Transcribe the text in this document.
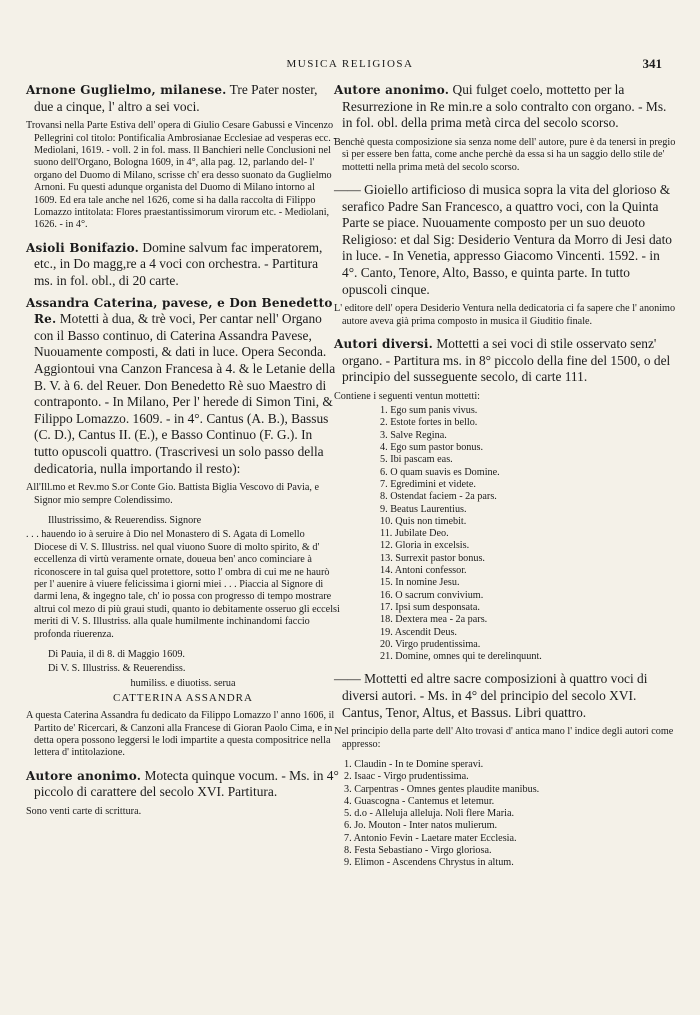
MUSICA RELIGIOSA	341

Arnone Guglielmo, milanese. Tre Pater noster, due a cinque, l' altro a sei voci.

Trovansi nella Parte Estiva dell' opera di Giulio Cesare Gabussi e Vincenzo Pellegrini col titolo: Pontificalia Ambrosianae Ecclesiae ad vesperas ecc. - Mediolani, 1619. - voll. 2 in fol. mass. Il Banchieri nelle Conclusioni nel suono dell'Organo, Bologna 1609, in 4°, alla pag. 12, parlando del- l' organo del Duomo di Milano, scrisse ch' era desso suonato da Guglielmo Arnoni. Fu questi adunque organista del Duomo di Milano intorno al 1609. Ed era tale anche nel 1626, come si ha dalla raccolta di Filippo Lomazzo intitolata: Flores praestantissimorum virorum etc. - Mediolani, 1626. - in 4°.

Asioli Bonifazio. Domine salvum fac imperatorem, etc., in Do magg,re a 4 voci con orchestra. - Partitura ms. in fol. obl., di 20 carte.

Assandra Caterina, pavese, e Don Benedetto Re. Motetti à dua, & trè voci, Per cantar nell' Organo con il Basso continuo, di Caterina Assandra Pavese, Nuouamente composti, & dati in luce. Opera Seconda. Aggiontoui vna Canzon Francesa à 4. & le Letanie della B. V. à 6. del Reuer. Don Benedetto Rè suo Maestro di contraponto. - In Milano, Per l' herede di Simon Tini, & Filippo Lomazzo. 1609. - in 4°. Cantus (A. B.), Bassus (C. D.), Cantus II. (E.), e Basso Continuo (F. G.). In tutto opuscoli quattro. (Trascrivesi un solo passo della dedicatoria, nulla importando il resto):

All'Ill.mo et Rev.mo S.or Conte Gio. Battista Biglia Vescovo di Pavia, e Signor mio sempre Colendissimo.

Illustrissimo, & Reuerendiss. Signore

. . . hauendo io à seruire à Dio nel Monastero di S. Agata di Lomello Diocese di V. S. Illustriss. nel qual viuono Suore di molto spirito, & d' eccellenza di virtù veramente ornate, doueua ben' anco cominciare à riconoscere in tal guisa quel protettore, sotto l' ombra di cui me ne haurò per l' auenire à viuere felicissima i giorni miei . . . Piaccia al Signore di darmi lena, & ingegno tale, ch' io possa con progresso di tempo mostrare altrui col mezo di più graui studi, quanto io debitamente osseruo gli eccelsi meriti di V. S. Illustriss. alla quale humilmente inchinandomi faccio profonda riuerenza.

Di Pauia, il dì 8. di Maggio 1609.

Di V. S. Illustriss. & Reuerendiss.

humiliss. e diuotiss. serua

CATTERINA ASSANDRA

A questa Caterina Assandra fu dedicato da Filippo Lomazzo l' anno 1606, il Partito de' Ricercari, & Canzoni alla Francese di Gioran Paolo Cima, e in detta opera possono leggersi le lodi impartite a questa compositrice nella lettera d' intitolazione.

Autore anonimo. Motecta quinque vocum. - Ms. in 4° piccolo di carattere del secolo XVI. Partitura.

Sono venti carte di scrittura.

Autore anonimo. Qui fulget coelo, mottetto per la Resurrezione in Re min.re a solo contralto con organo. - Ms. in fol. obl. della prima metà circa del secolo scorso.

Benchè questa composizione sia senza nome dell' autore, pure è da tenersi in pregio sì per essere ben fatta, come anche perchè da essa si ha un saggio dello stile de' mottetti nella prima metà del secolo scorso.

—— Gioiello artificioso di musica sopra la vita del glorioso & serafico Padre San Francesco, a quattro voci, con la Quinta Parte se piace. Nuouamente composto per un suo deuoto Religioso: et dal Sig: Desiderio Ventura da Morro di Jesi dato in luce. - In Venetia, appresso Giacomo Vincenti. 1592. - in 4°. Canto, Tenore, Alto, Basso, e quinta parte. In tutto opuscoli cinque.

L' editore dell' opera Desiderio Ventura nella dedicatoria ci fa sapere che l' anonimo autore aveva già prima composto in musica il Giuditio finale.

Autori diversi. Mottetti a sei voci di stile osservato senz' organo. - Partitura ms. in 8° piccolo della fine del 1500, o del principio del susseguente secolo, di carte 111.

Contiene i seguenti ventun mottetti:

1. Ego sum panis vivus.
2. Estote fortes in bello.
3. Salve Regina.
4. Ego sum pastor bonus.
5. Ibi pascam eas.
6. O quam suavis es Domine.
7. Egredimini et videte.
8. Ostendat faciem - 2a pars.
9. Beatus Laurentius.
10. Quis non timebit.
11. Jubilate Deo.
12. Gloria in excelsis.
13. Surrexit pastor bonus.
14. Antoni confessor.
15. In nomine Jesu.
16. O sacrum convivium.
17. Ipsi sum desponsata.
18. Dextera mea - 2a pars.
19. Ascendit Deus.
20. Virgo prudentissima.
21. Domine, omnes qui te derelinquunt.

—— Mottetti ed altre sacre composizioni à quattro voci di diversi autori. - Ms. in 4° del principio del secolo XVI. Cantus, Tenor, Altus, et Bassus. Libri quattro.

Nel principio della parte dell' Alto trovasi d' antica mano l' indice degli autori come appresso:

1. Claudin - In te Domine speravi.
2. Isaac - Virgo prudentissima.
3. Carpentras - Omnes gentes plaudite manibus.
4. Guascogna - Cantemus et letemur.
5. d.o - Alleluja alleluja. Noli flere Maria.
6. Jo. Mouton - Inter natos mulierum.
7. Antonio Fevin - Laetare mater Ecclesia.
8. Festa Sebastiano - Virgo gloriosa.
9. Elimon - Ascendens Chrystus in altum.
